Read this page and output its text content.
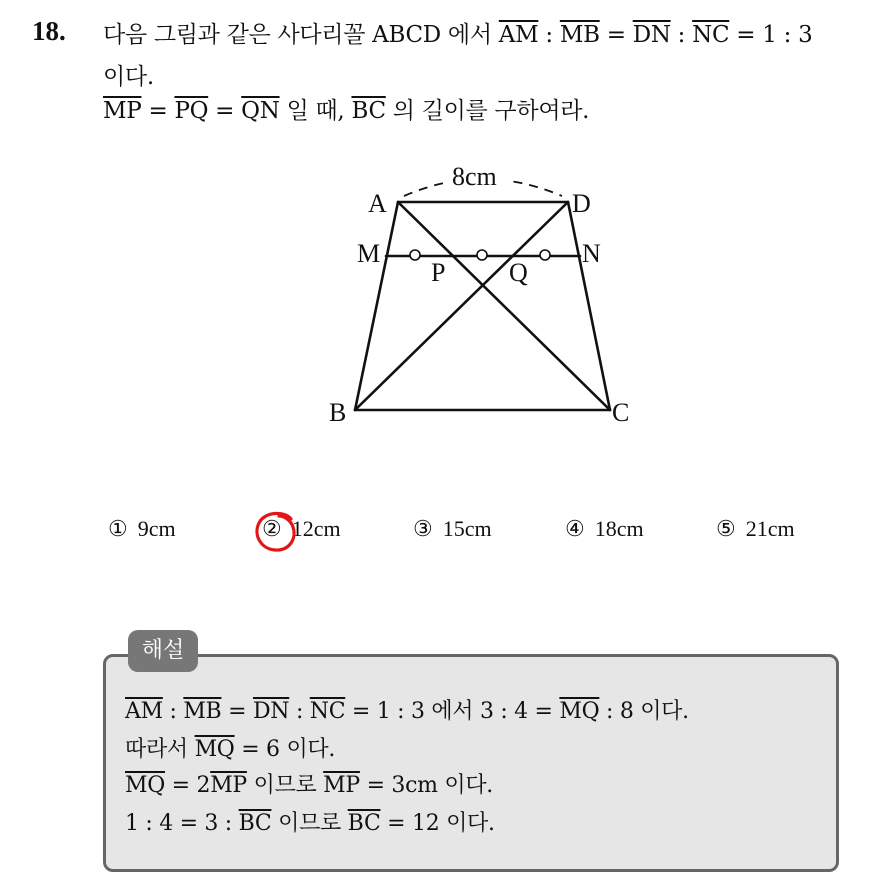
18. 다음 그림과 같은 사다리꼴 ABCD 에서 $\overline{AM}$ : $\overline{MB} = \overline{DN}$ : $\overline{NC} = 1$ : 3
이다.
$\overline{MP} = \overline{PQ} = \overline{QN}$ 일 때, $\overline{BC}$ 의 길이를 구하여라.
8cm
A	D
M	N
P Q
B	C
① 9cm	② 12cm	③ 15cm	④ 18cm	⑤ 21cm
해설
$\overline{AM}$ : $\overline{MB} = \overline{DN}$ : $\overline{NC} = 1$ : 3 에서 3 : $4 = \overline{MQ}$ : 8 이다.
따라서 $\overline{MQ} = 6$ 이다.
$\overline{MQ} = 2\overline{MP}$ 이므로 $\overline{MP} = 3cm$ 이다.
1 : 4 = 3 : $\overline{BC}$ 이므로 $\overline{BC} = 12$ 이다.
